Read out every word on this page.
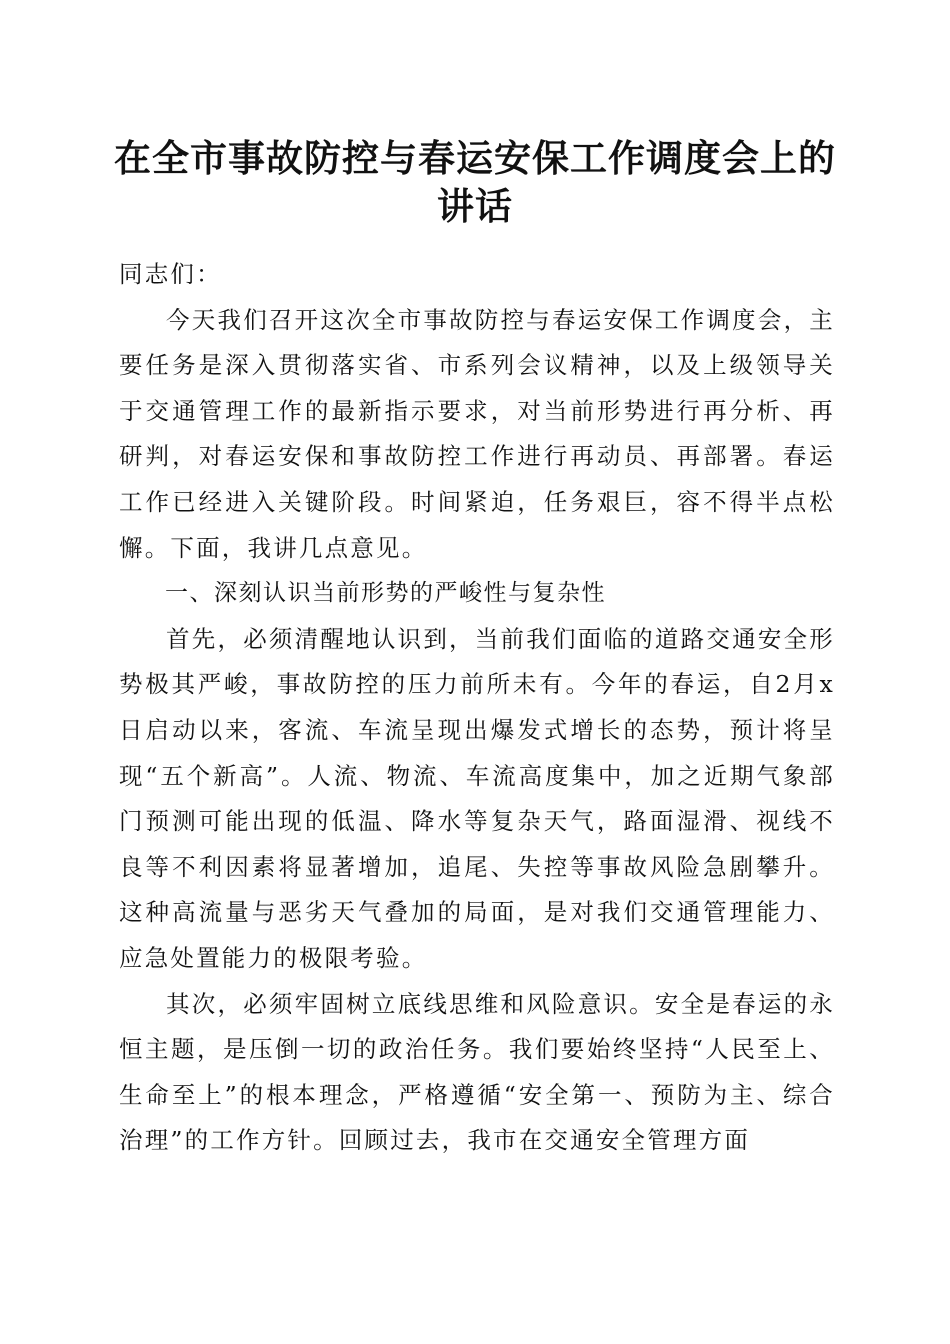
在全市事故防控与春运安保工作调度会上的讲话

同志们：

今天我们召开这次全市事故防控与春运安保工作调度会，主要任务是深入贯彻落实省、市系列会议精神，以及上级领导关于交通管理工作的最新指示要求，对当前形势进行再分析、再研判，对春运安保和事故防控工作进行再动员、再部署。春运工作已经进入关键阶段。时间紧迫，任务艰巨，容不得半点松懈。下面，我讲几点意见。

一、深刻认识当前形势的严峻性与复杂性

首先，必须清醒地认识到，当前我们面临的道路交通安全形势极其严峻，事故防控的压力前所未有。今年的春运，自2月x日启动以来，客流、车流呈现出爆发式增长的态势，预计将呈现“五个新高”。人流、物流、车流高度集中，加之近期气象部门预测可能出现的低温、降水等复杂天气，路面湿滑、视线不良等不利因素将显著增加，追尾、失控等事故风险急剧攀升。这种高流量与恶劣天气叠加的局面，是对我们交通管理能力、应急处置能力的极限考验。

其次，必须牢固树立底线思维和风险意识。安全是春运的永恒主题，是压倒一切的政治任务。我们要始终坚持“人民至上、生命至上”的根本理念，严格遵循“安全第一、预防为主、综合治理”的工作方针。回顾过去，我市在交通安全管理方面
